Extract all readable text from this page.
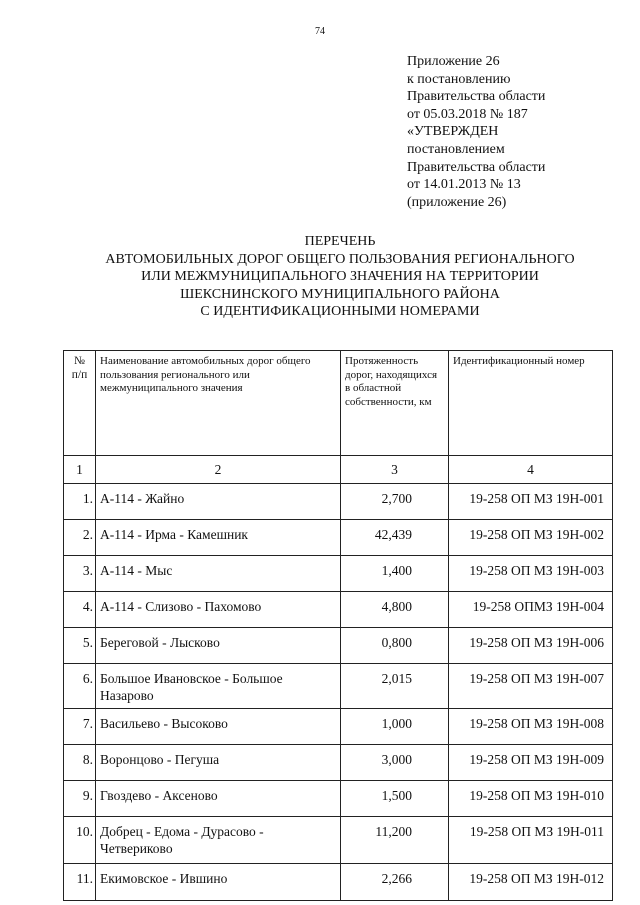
74
Приложение 26
к постановлению
Правительства области
от 05.03.2018 № 187
«УТВЕРЖДЕН
постановлением
Правительства области
от 14.01.2013 № 13
(приложение 26)
ПЕРЕЧЕНЬ
АВТОМОБИЛЬНЫХ ДОРОГ ОБЩЕГО ПОЛЬЗОВАНИЯ РЕГИОНАЛЬНОГО
ИЛИ МЕЖМУНИЦИПАЛЬНОГО ЗНАЧЕНИЯ НА ТЕРРИТОРИИ
ШЕКСНИНСКОГО МУНИЦИПАЛЬНОГО РАЙОНА
С ИДЕНТИФИКАЦИОННЫМИ НОМЕРАМИ
№ п/п	Наименование автомобильных дорог общего пользования регионального или межмуниципального значения	Протяженность дорог, находящихся в областной собственности, км	Идентификационный номер
1	2	3	4
1.	А-114 - Жайно	2,700	19-258 ОП МЗ 19Н-001
2.	А-114 - Ирма - Камешник	42,439	19-258 ОП МЗ 19Н-002
3.	А-114 - Мыс	1,400	19-258 ОП МЗ 19Н-003
4.	А-114 - Слизово - Пахомово	4,800	19-258 ОПМЗ 19Н-004
5.	Береговой - Лысково	0,800	19-258 ОП МЗ 19Н-006
6.	Большое Ивановское - Большое Назарово	2,015	19-258 ОП МЗ 19Н-007
7.	Васильево - Высоково	1,000	19-258 ОП МЗ 19Н-008
8.	Воронцово - Пегуша	3,000	19-258 ОП МЗ 19Н-009
9.	Гвоздево - Аксеново	1,500	19-258 ОП МЗ 19Н-010
10.	Добрец - Едома - Дурасово - Четвериково	11,200	19-258 ОП МЗ 19Н-011
11.	Екимовское - Ившино	2,266	19-258 ОП МЗ 19Н-012
